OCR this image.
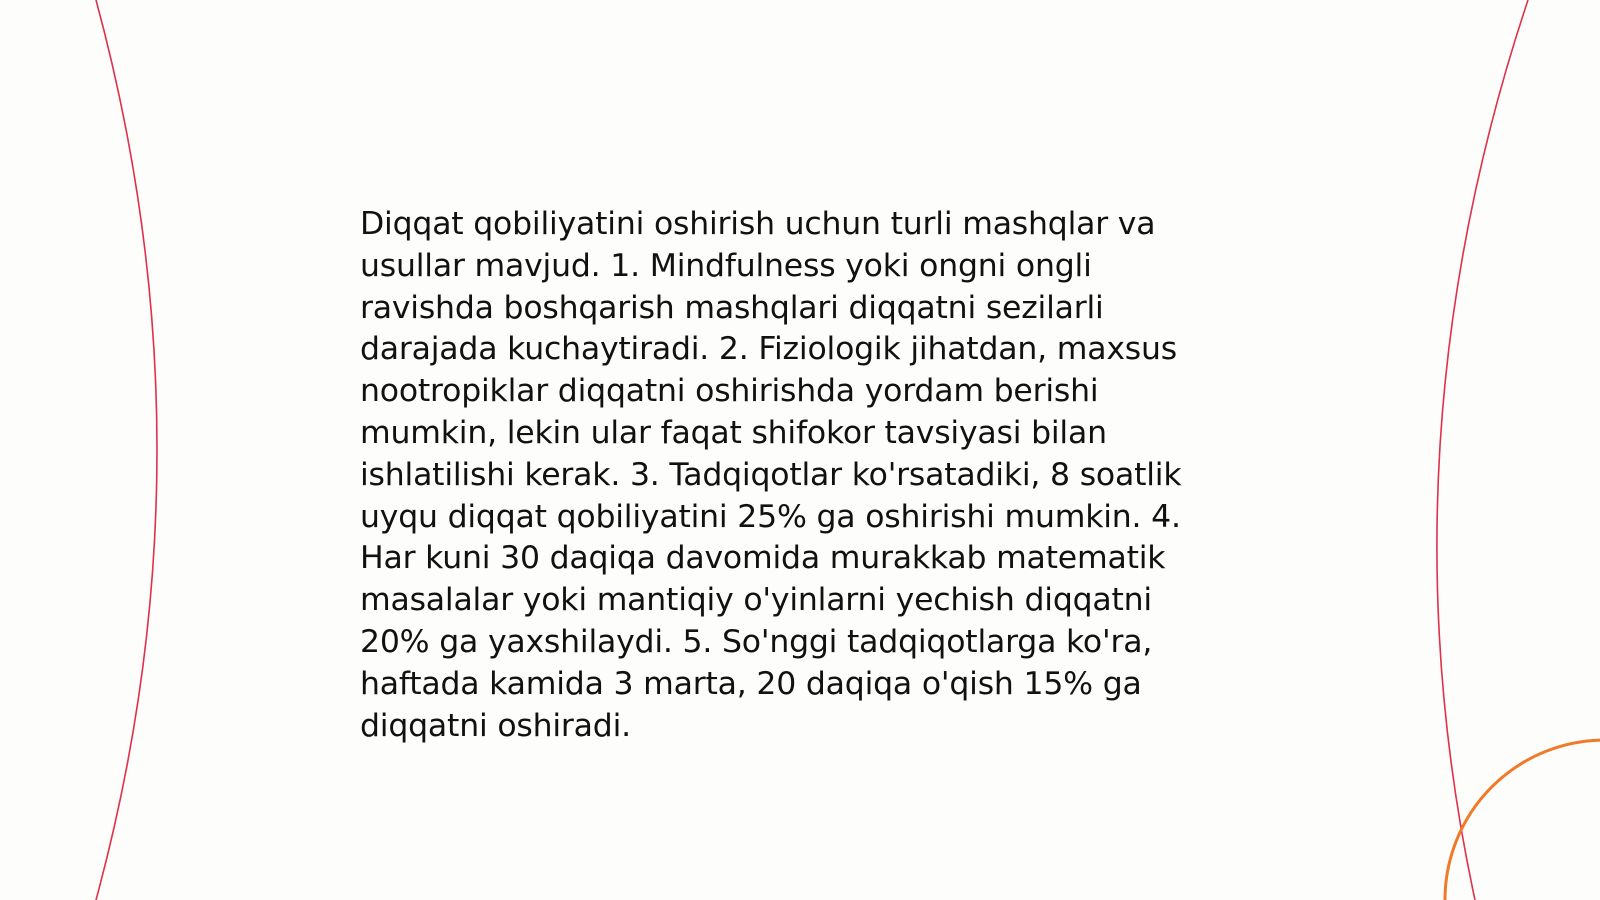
Diqqat qobiliyatini oshirish uchun turli mashqlar va usullar mavjud. 1. Mindfulness yoki ongni ongli ravishda boshqarish mashqlari diqqatni sezilarli darajada kuchaytiradi. 2. Fiziologik jihatdan, maxsus nootropiklar diqqatni oshirishda yordam berishi mumkin, lekin ular faqat shifokor tavsiyasi bilan ishlatilishi kerak. 3. Tadqiqotlar ko'rsatadiki, 8 soatlik uyqu diqqat qobiliyatini 25% ga oshirishi mumkin. 4. Har kuni 30 daqiqa davomida murakkab matematik masalalar yoki mantiqiy o'yinlarni yechish diqqatni 20% ga yaxshilaydi. 5. So'nggi tadqiqotlarga ko'ra, haftada kamida 3 marta, 20 daqiqa o'qish 15% ga diqqatni oshiradi.
